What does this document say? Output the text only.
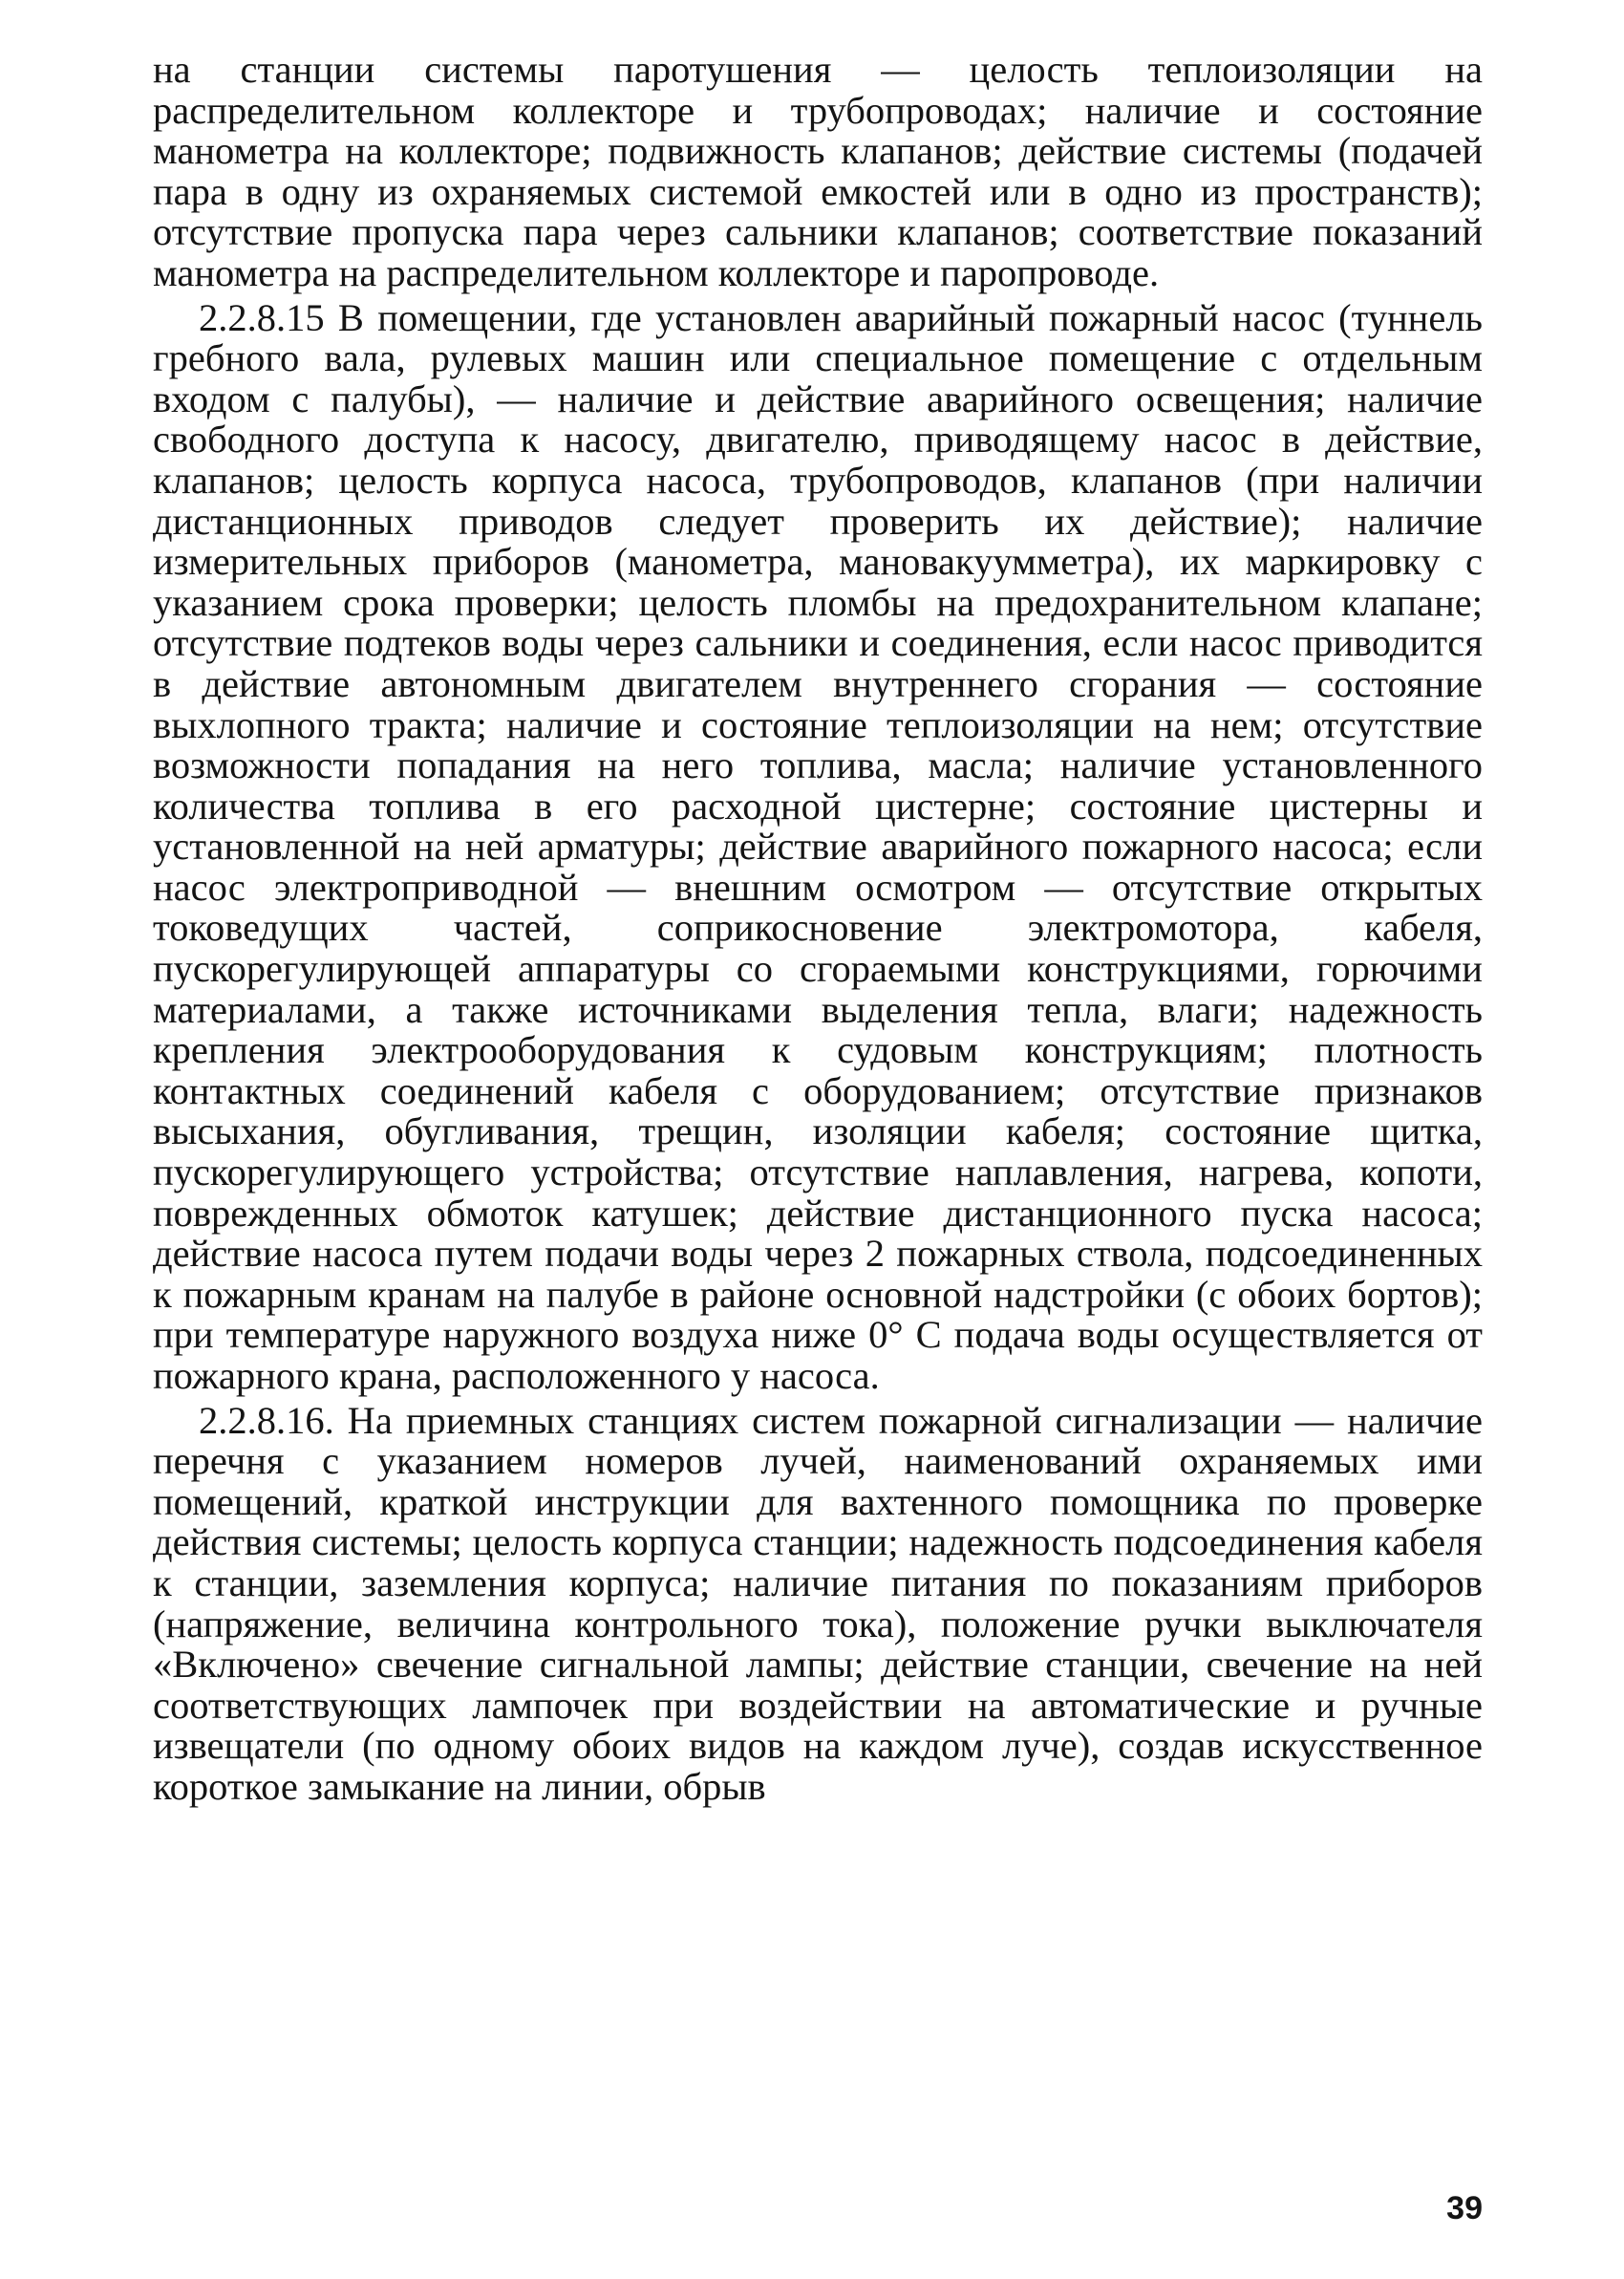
на станции системы паротушения — целость теплоизоляции на распределительном коллекторе и трубопроводах; наличие и состояние манометра на коллекторе; подвижность клапанов; действие системы (подачей пара в одну из охраняемых системой емкостей или в одно из пространств); отсутствие пропуска пара через сальники клапанов; соответствие показаний манометра на распределительном коллекторе и паропроводе.

2.2.8.15 В помещении, где установлен аварийный пожарный насос (туннель гребного вала, рулевых машин или специальное помещение с отдельным входом с палубы), — наличие и действие аварийного освещения; наличие свободного доступа к насосу, двигателю, приводящему насос в действие, клапанов; целость корпуса насоса, трубопроводов, клапанов (при наличии дистанционных приводов следует проверить их действие); наличие измерительных приборов (манометра, мановакуумметра), их маркировку с указанием срока проверки; целость пломбы на предохранительном клапане; отсутствие подтеков воды через сальники и соединения, если насос приводится в действие автономным двигателем внутреннего сгорания — состояние выхлопного тракта; наличие и состояние теплоизоляции на нем; отсутствие возможности попадания на него топлива, масла; наличие установленного количества топлива в его расходной цистерне; состояние цистерны и установленной на ней арматуры; действие аварийного пожарного насоса; если насос электроприводной — внешним осмотром — отсутствие открытых токоведущих частей, соприкосновение электромотора, кабеля, пускорегулирующей аппаратуры со сгораемыми конструкциями, горючими материалами, а также источниками выделения тепла, влаги; надежность крепления электрооборудования к судовым конструкциям; плотность контактных соединений кабеля с оборудованием; отсутствие признаков высыхания, обугливания, трещин, изоляции кабеля; состояние щитка, пускорегулирующего устройства; отсутствие наплавления, нагрева, копоти, поврежденных обмоток катушек; действие дистанционного пуска насоса; действие насоса путем подачи воды через 2 пожарных ствола, подсоединенных к пожарным кранам на палубе в районе основной надстройки (с обоих бортов); при температуре наружного воздуха ниже 0° С подача воды осуществляется от пожарного крана, расположенного у насоса.

2.2.8.16. На приемных станциях систем пожарной сигнализации — наличие перечня с указанием номеров лучей, наименований охраняемых ими помещений, краткой инструкции для вахтенного помощника по проверке действия системы; целость корпуса станции; надежность подсоединения кабеля к станции, заземления корпуса; наличие питания по показаниям приборов (напряжение, величина контрольного тока), положение ручки выключателя «Включено» свечение сигнальной лампы; действие станции, свечение на ней соответствующих лампочек при воздействии на автоматические и ручные извещатели (по одному обоих видов на каждом луче), создав искусственное короткое замыкание на линии, обрыв

39
